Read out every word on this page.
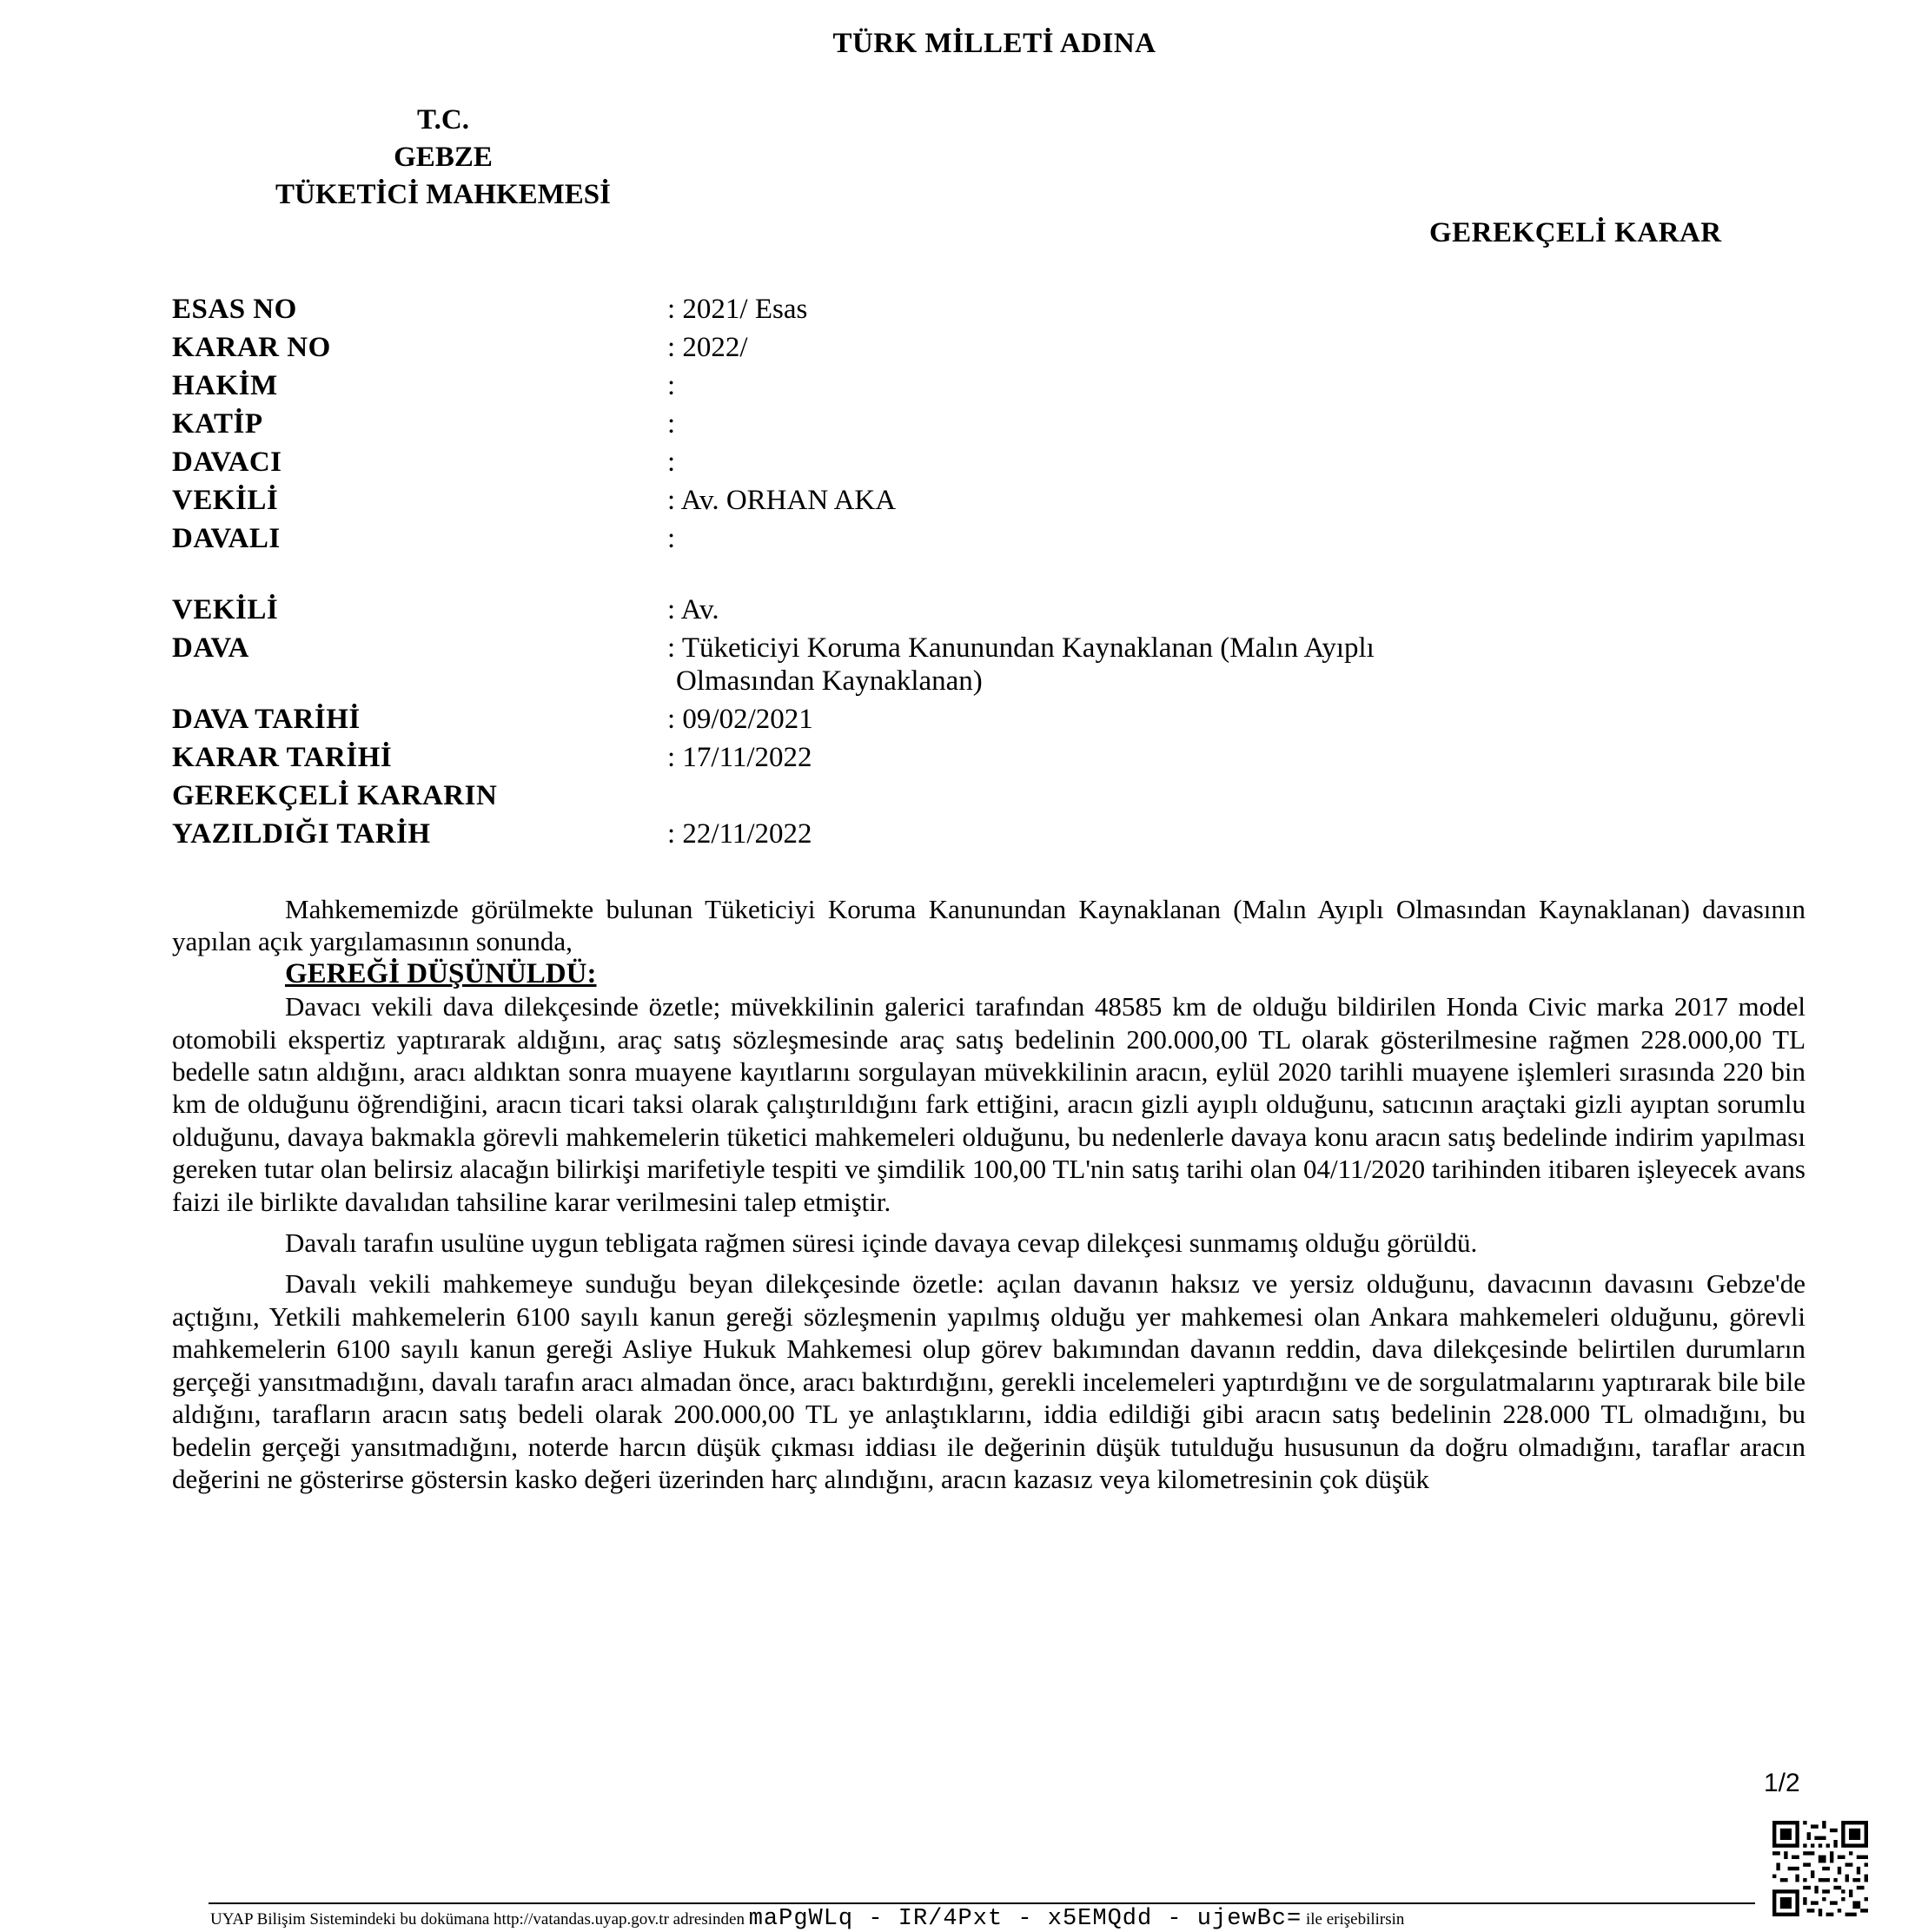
TÜRK MİLLETİ ADINA
T.C.
GEBZE
TÜKETİCİ MAHKEMESİ
GEREKÇELİ KARAR
ESAS NO	: 2021/ Esas
KARAR NO	: 2022/
HAKİM	:
KATİP	:
DAVACI	:
VEKİLİ	: Av. ORHAN AKA
DAVALI	:
VEKİLİ	: Av.
DAVA	: Tüketiciyi Koruma Kanunundan Kaynaklanan (Malın Ayıplı
Olmasından Kaynaklanan)
DAVA TARİHİ	: 09/02/2021
KARAR TARİHİ	: 17/11/2022
GEREKÇELİ KARARIN
YAZILDIĞI TARİH	: 22/11/2022

Mahkememizde görülmekte bulunan Tüketiciyi Koruma Kanunundan Kaynaklanan (Malın Ayıplı Olmasından Kaynaklanan) davasının yapılan açık yargılamasının sonunda,

GEREĞİ DÜŞÜNÜLDÜ:

Davacı vekili dava dilekçesinde özetle; müvekkilinin galerici tarafından 48585 km de olduğu bildirilen Honda Civic marka 2017 model otomobili ekspertiz yaptırarak aldığını, araç satış sözleşmesinde araç satış bedelinin 200.000,00 TL olarak gösterilmesine rağmen 228.000,00 TL bedelle satın aldığını, aracı aldıktan sonra muayene kayıtlarını sorgulayan müvekkilinin aracın, eylül 2020 tarihli muayene işlemleri sırasında 220 bin km de olduğunu öğrendiğini, aracın ticari taksi olarak çalıştırıldığını fark ettiğini, aracın gizli ayıplı olduğunu, satıcının araçtaki gizli ayıptan sorumlu olduğunu, davaya bakmakla görevli mahkemelerin tüketici mahkemeleri olduğunu, bu nedenlerle davaya konu aracın satış bedelinde indirim yapılması gereken tutar olan belirsiz alacağın bilirkişi marifetiyle tespiti ve şimdilik 100,00 TL'nin satış tarihi olan 04/11/2020 tarihinden itibaren işleyecek avans faizi ile birlikte davalıdan tahsiline karar verilmesini talep etmiştir.

Davalı tarafın usulüne uygun tebligata rağmen süresi içinde davaya cevap dilekçesi sunmamış olduğu görüldü.

Davalı vekili mahkemeye sunduğu beyan dilekçesinde özetle: açılan davanın haksız ve yersiz olduğunu, davacının davasını Gebze'de açtığını, Yetkili mahkemelerin 6100 sayılı kanun gereği sözleşmenin yapılmış olduğu yer mahkemesi olan Ankara mahkemeleri olduğunu, görevli mahkemelerin 6100 sayılı kanun gereği Asliye Hukuk Mahkemesi olup görev bakımından davanın reddin, dava dilekçesinde belirtilen durumların gerçeği yansıtmadığını, davalı tarafın aracı almadan önce, aracı baktırdığını, gerekli incelemeleri yaptırdığını ve de sorgulatmalarını yaptırarak bile bile aldığını, tarafların aracın satış bedeli olarak 200.000,00 TL ye anlaştıklarını, iddia edildiği gibi aracın satış bedelinin 228.000 TL olmadığını, bu bedelin gerçeği yansıtmadığını, noterde harcın düşük çıkması iddiası ile değerinin düşük tutulduğu hususunun da doğru olmadığını, taraflar aracın değerini ne gösterirse göstersin kasko değeri üzerinden harç alındığını, aracın kazasız veya kilometresinin çok düşük

1/2
UYAP Bilişim Sistemindeki bu dokümana http://vatandas.uyap.gov.tr adresinden maPgWLq - IR/4Pxt - x5EMQdd - ujewBc= ile erişebilirsin
